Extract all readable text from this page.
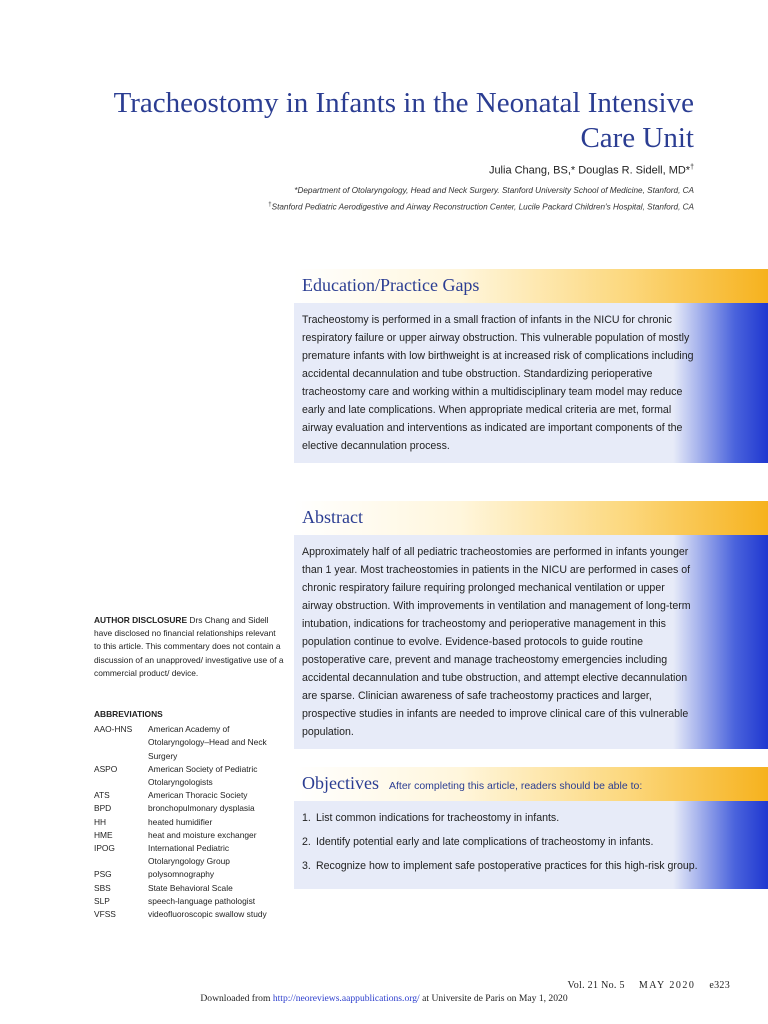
Tracheostomy in Infants in the Neonatal Intensive Care Unit
Julia Chang, BS,* Douglas R. Sidell, MD*†
*Department of Otolaryngology, Head and Neck Surgery. Stanford University School of Medicine, Stanford, CA
†Stanford Pediatric Aerodigestive and Airway Reconstruction Center, Lucile Packard Children's Hospital, Stanford, CA
Education/Practice Gaps
Tracheostomy is performed in a small fraction of infants in the NICU for chronic respiratory failure or upper airway obstruction. This vulnerable population of mostly premature infants with low birthweight is at increased risk of complications including accidental decannulation and tube obstruction. Standardizing perioperative tracheostomy care and working within a multidisciplinary team model may reduce early and late complications. When appropriate medical criteria are met, formal airway evaluation and interventions as indicated are important components of the elective decannulation process.
Abstract
Approximately half of all pediatric tracheostomies are performed in infants younger than 1 year. Most tracheostomies in patients in the NICU are performed in cases of chronic respiratory failure requiring prolonged mechanical ventilation or upper airway obstruction. With improvements in ventilation and management of long-term intubation, indications for tracheostomy and perioperative management in this population continue to evolve. Evidence-based protocols to guide routine postoperative care, prevent and manage tracheostomy emergencies including accidental decannulation and tube obstruction, and attempt elective decannulation are sparse. Clinician awareness of safe tracheostomy practices and larger, prospective studies in infants are needed to improve clinical care of this vulnerable population.
Objectives After completing this article, readers should be able to:
1. List common indications for tracheostomy in infants.
2. Identify potential early and late complications of tracheostomy in infants.
3. Recognize how to implement safe postoperative practices for this high-risk group.
AUTHOR DISCLOSURE Drs Chang and Sidell have disclosed no financial relationships relevant to this article. This commentary does not contain a discussion of an unapproved/ investigative use of a commercial product/ device.
ABBREVIATIONS
AAO-HNS	American Academy of Otolaryngology–Head and Neck Surgery
ASPO	American Society of Pediatric Otolaryngologists
ATS	American Thoracic Society
BPD	bronchopulmonary dysplasia
HH	heated humidifier
HME	heat and moisture exchanger
IPOG	International Pediatric Otolaryngology Group
PSG	polysomnography
SBS	State Behavioral Scale
SLP	speech-language pathologist
VFSS	videofluoroscopic swallow study
Vol. 21 No. 5 MAY 2020 e323
Downloaded from http://neoreviews.aappublications.org/ at Universite de Paris on May 1, 2020
